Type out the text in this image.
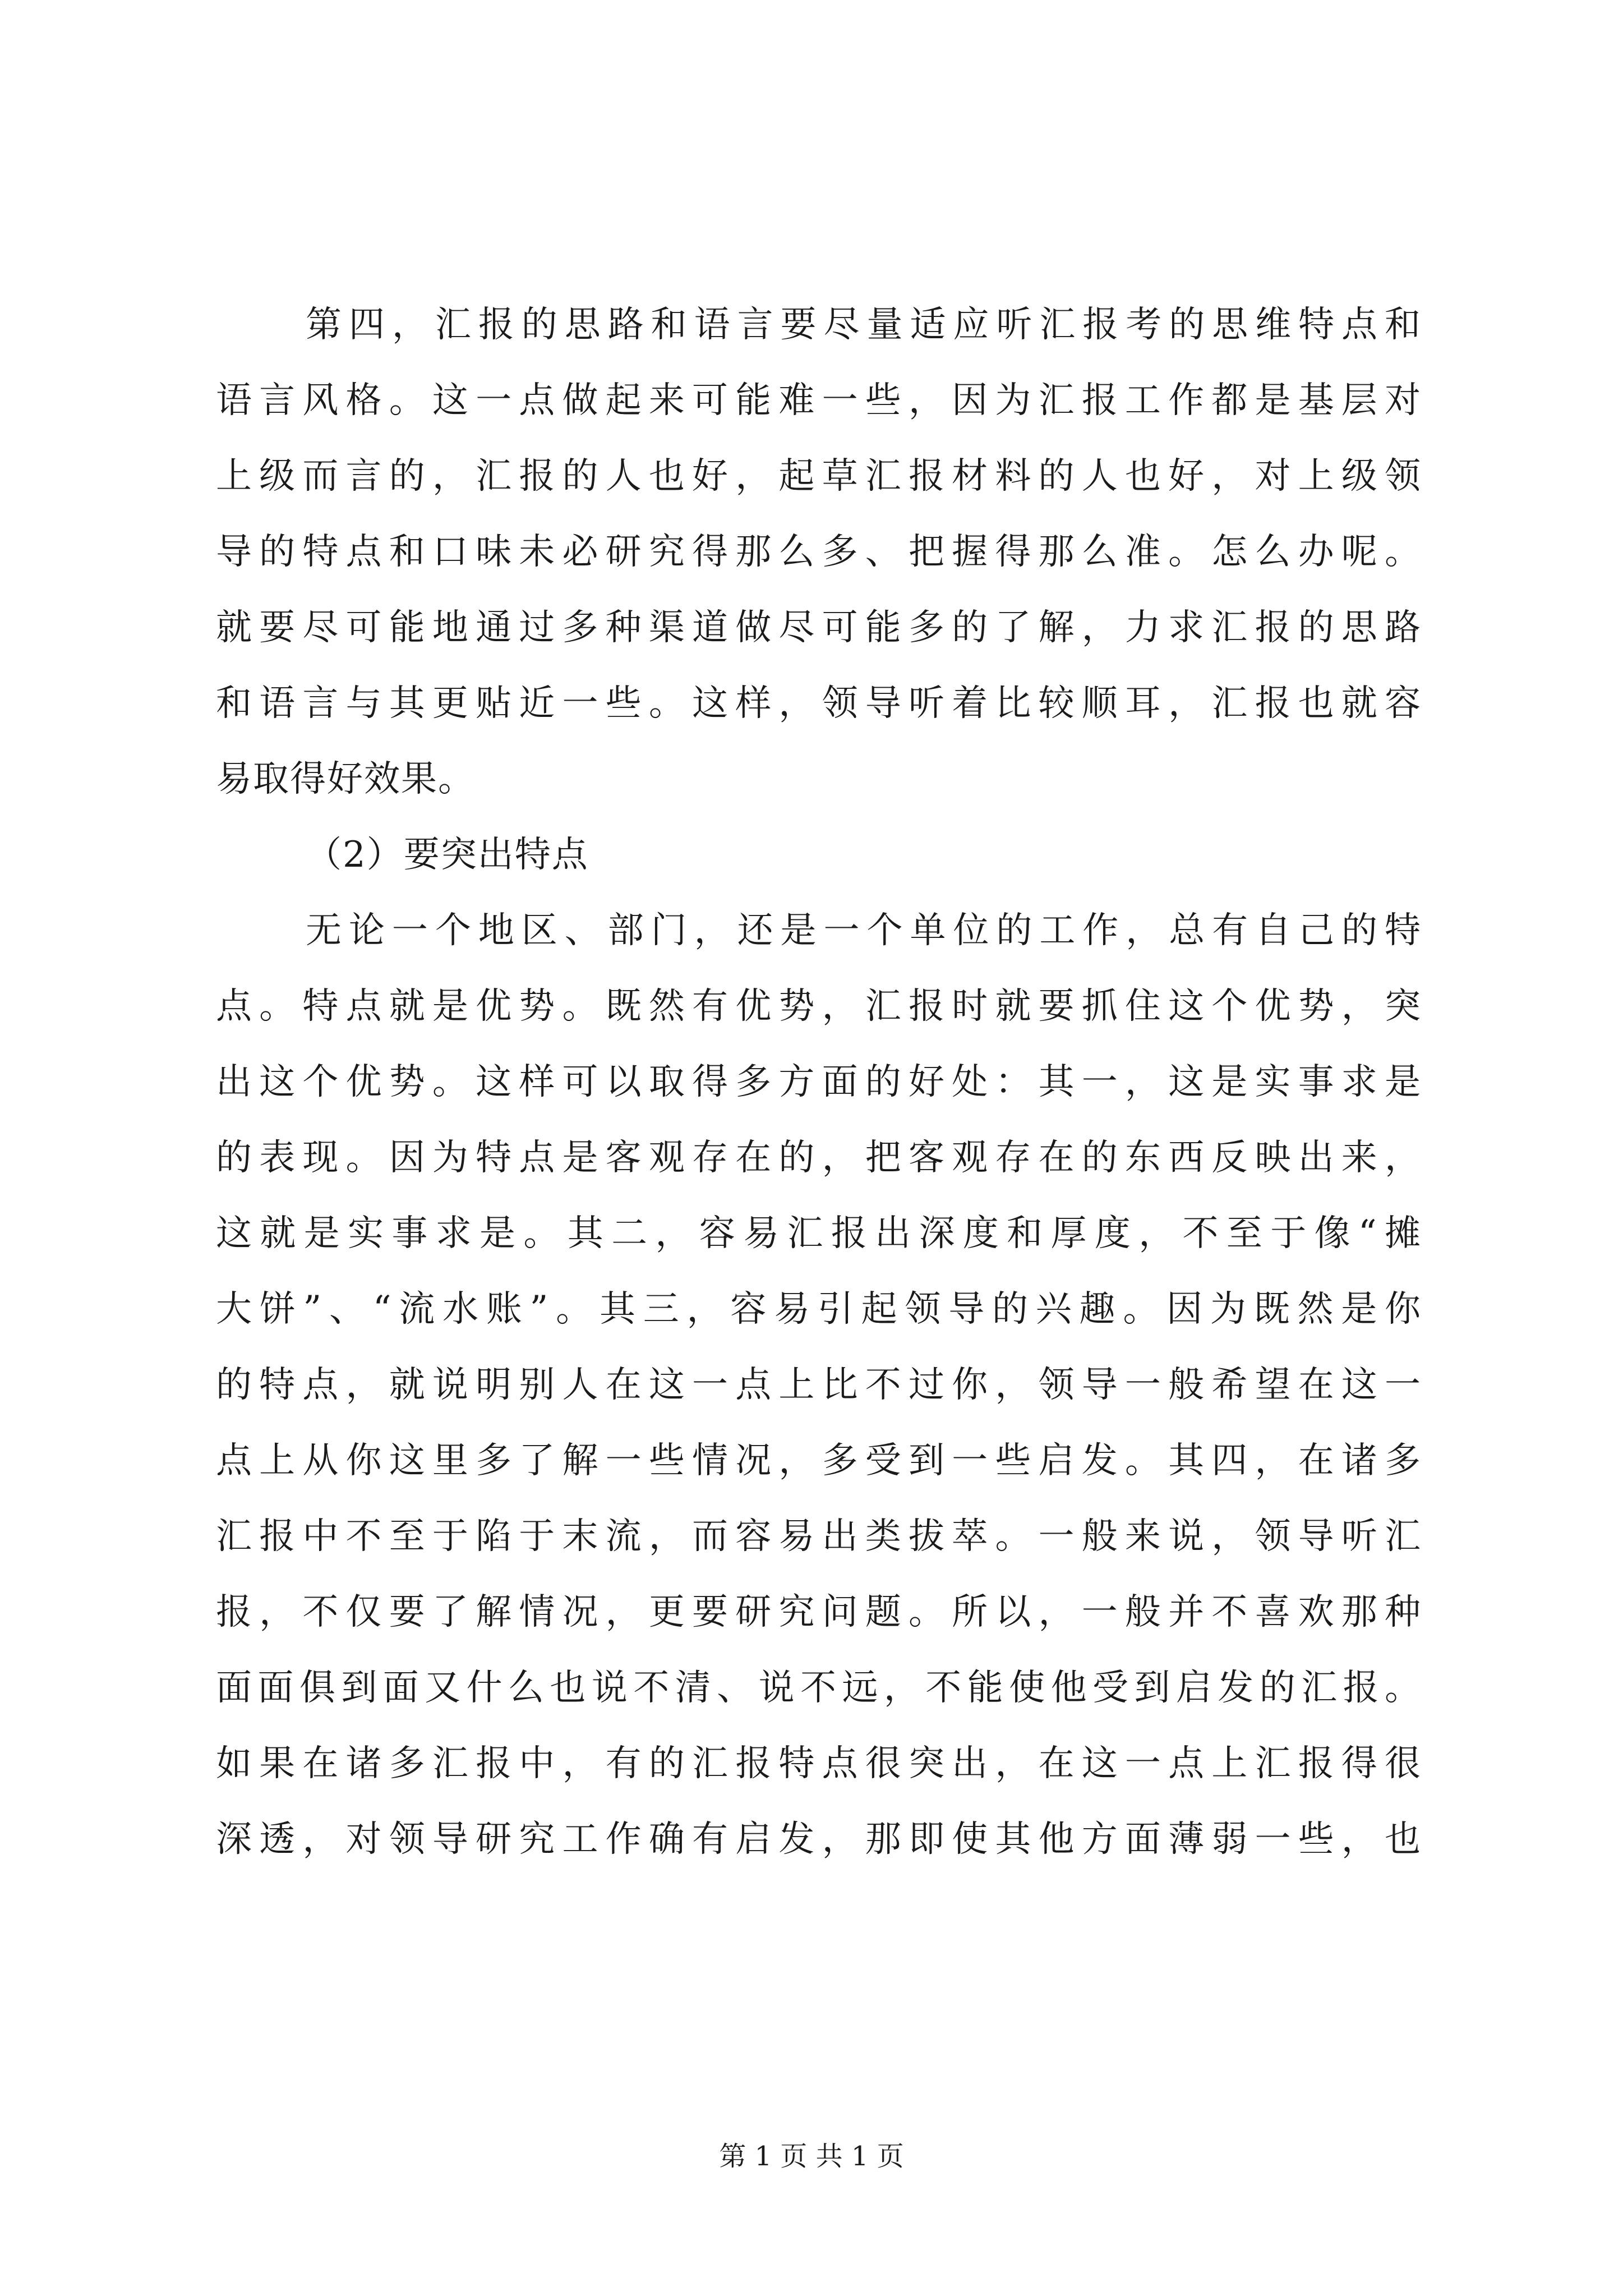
第四，汇报的思路和语言要尽量适应听汇报考的思维特点和
语言风格。这一点做起来可能难一些，因为汇报工作都是基层对
上级而言的，汇报的人也好，起草汇报材料的人也好，对上级领
导的特点和口味未必研究得那么多、把握得那么准。怎么办呢。
就要尽可能地通过多种渠道做尽可能多的了解，力求汇报的思路
和语言与其更贴近一些。这样，领导听着比较顺耳，汇报也就容
易取得好效果。
（2）要突出特点
无论一个地区、部门，还是一个单位的工作，总有自己的特
点。特点就是优势。既然有优势，汇报时就要抓住这个优势，突
出这个优势。这样可以取得多方面的好处：其一，这是实事求是
的表现。因为特点是客观存在的，把客观存在的东西反映出来，
这就是实事求是。其二，容易汇报出深度和厚度，不至于像“摊
大饼”、“流水账”。其三，容易引起领导的兴趣。因为既然是你
的特点，就说明别人在这一点上比不过你，领导一般希望在这一
点上从你这里多了解一些情况，多受到一些启发。其四，在诸多
汇报中不至于陷于末流，而容易出类拔萃。一般来说，领导听汇
报，不仅要了解情况，更要研究问题。所以，一般并不喜欢那种
面面俱到面又什么也说不清、说不远，不能使他受到启发的汇报。
如果在诸多汇报中，有的汇报特点很突出，在这一点上汇报得很
深透，对领导研究工作确有启发，那即使其他方面薄弱一些，也
第 1 页 共 1 页
